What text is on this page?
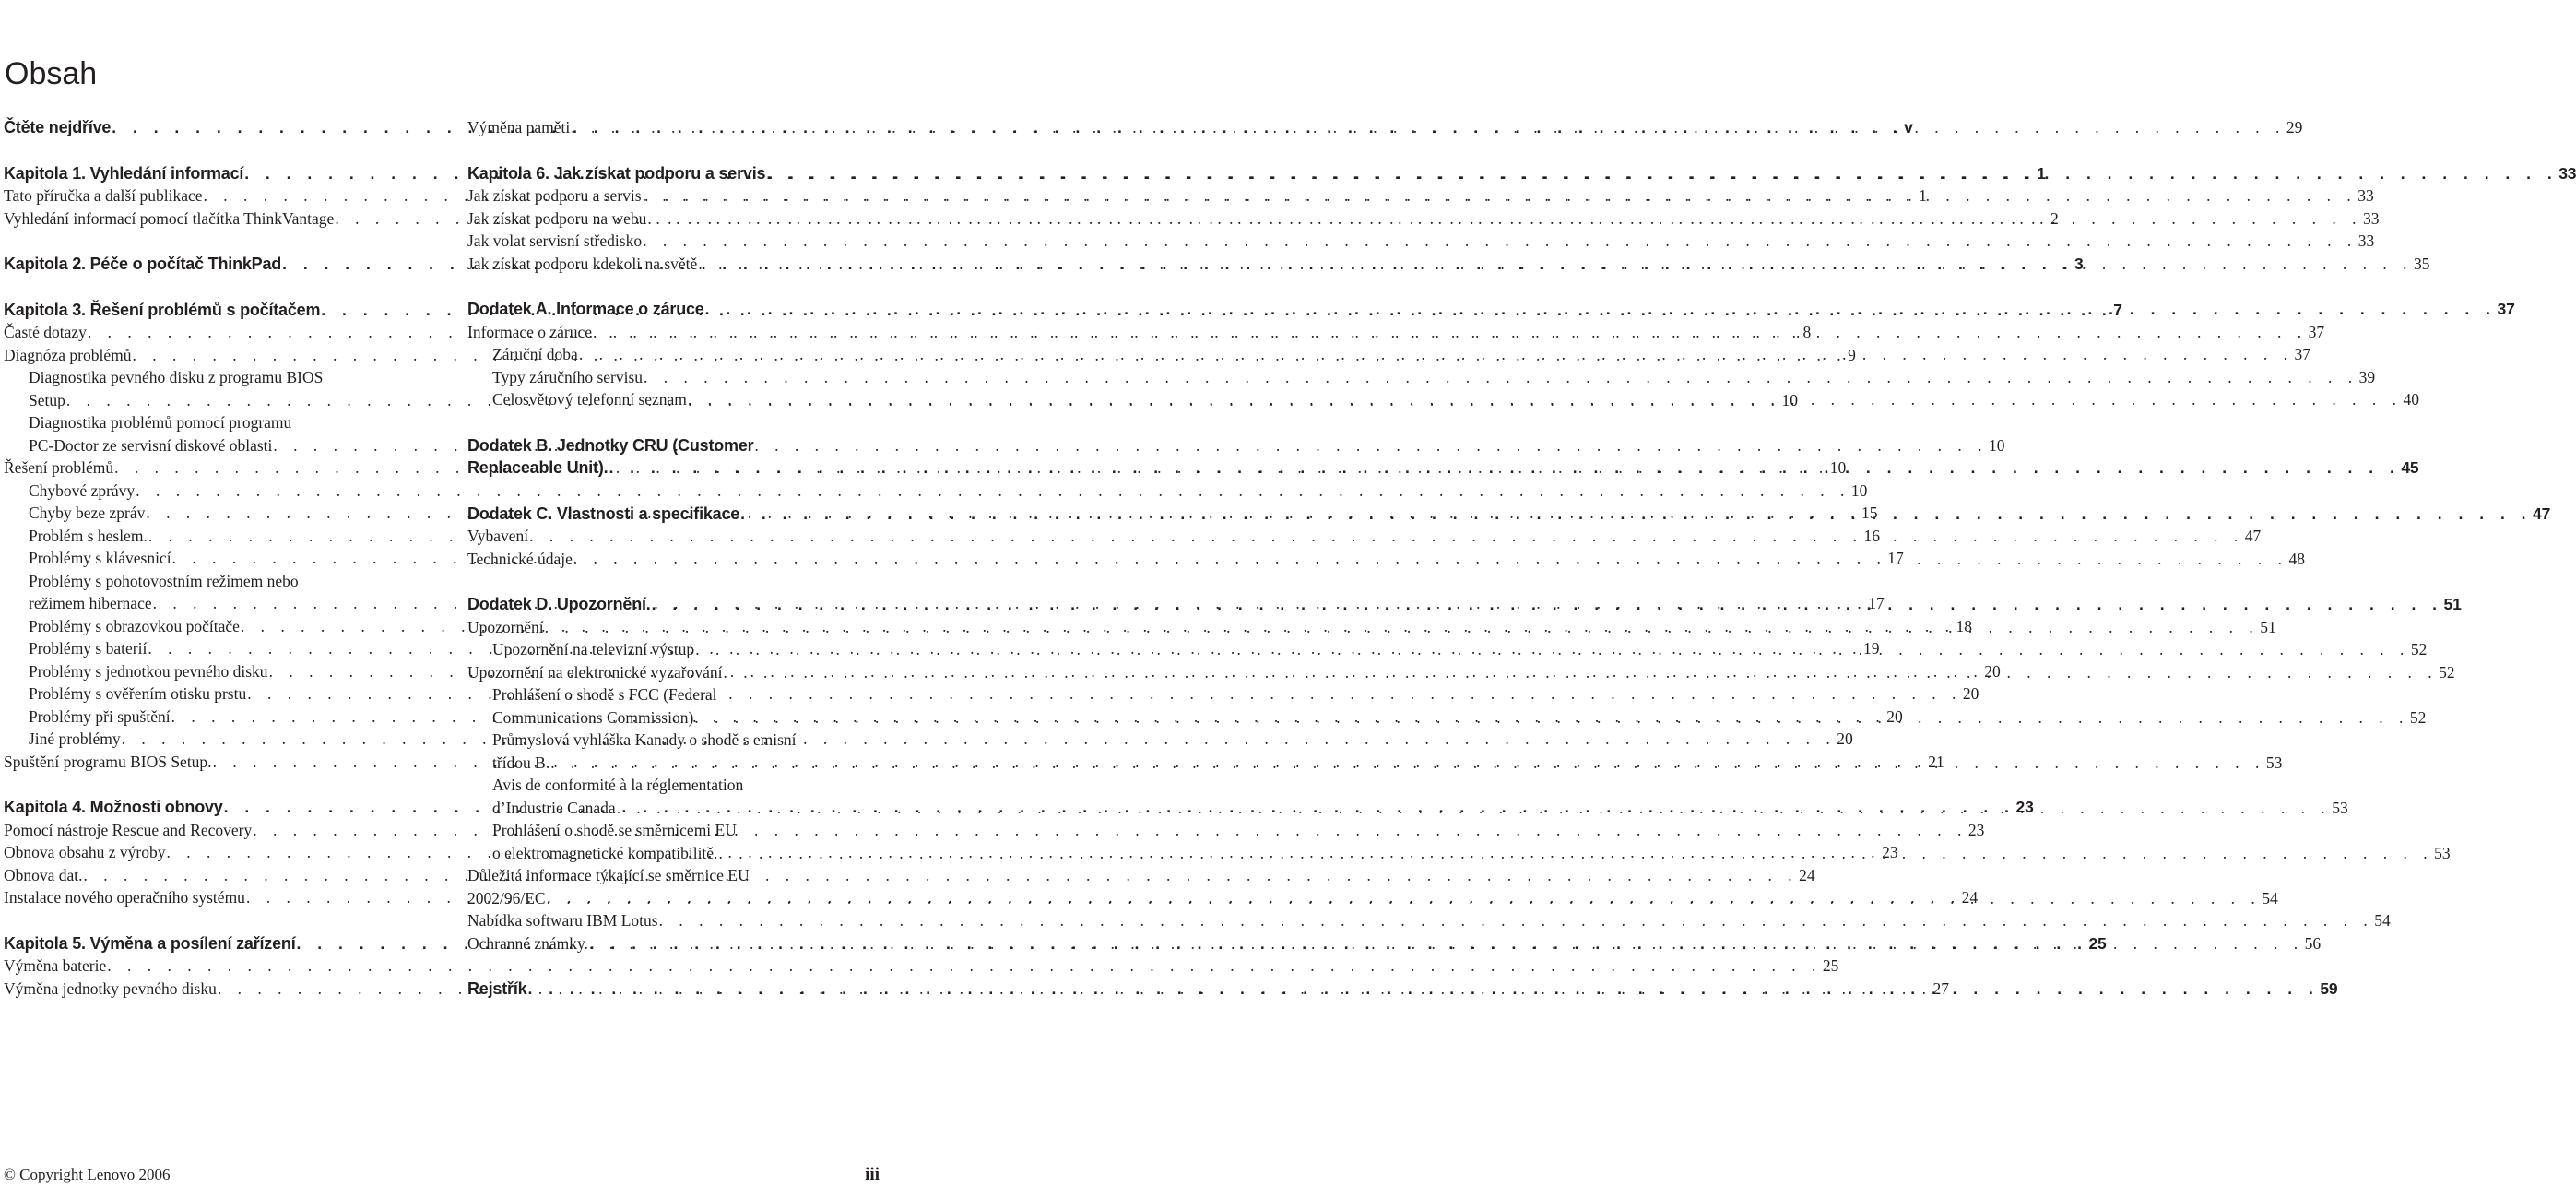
Obsah
Čtěte nejdříve . . .	v
Kapitola 1. Vyhledání informací . . .	1
Tato příručka a další publikace . . .	1
Vyhledání informací pomocí tlačítka ThinkVantage . . .	2
Kapitola 2. Péče o počítač ThinkPad . . .	3
Kapitola 3. Řešení problémů s počítačem . . .	7
Časté dotazy . . .	8
Diagnóza problémů . . .	9
Diagnostika pevného disku z programu BIOS
Setup . . .	10
Diagnostika problémů pomocí programu
PC-Doctor ze servisní diskové oblasti . . .	10
Řešení problémů . . .	10
Chybové zprávy . . .	10
Chyby beze zpráv . . .	15
Problém s heslem. . . .	16
Problémy s klávesnicí . . .	17
Problémy s pohotovostním režimem nebo
režimem hibernace . . .	17
Problémy s obrazovkou počítače . . .	18
Problémy s baterií . . .	19
Problémy s jednotkou pevného disku . . .	20
Problémy s ověřením otisku prstu . . .	20
Problémy při spuštění . . .	20
Jiné problémy . . .	20
Spuštění programu BIOS Setup. . . .	21
Kapitola 4. Možnosti obnovy . . .	23
Pomocí nástroje Rescue and Recovery . . .	23
Obnova obsahu z výroby . . .	23
Obnova dat. . . .	24
Instalace nového operačního systému . . .	24
Kapitola 5. Výměna a posílení zařízení . . .	25
Výměna baterie . . .	25
Výměna jednotky pevného disku . . .	27
Výměna paměti . . .	29
Kapitola 6. Jak získat podporu a servis . . .	33
Jak získat podporu a servis . . .	33
Jak získat podporu na webu . . .	33
Jak volat servisní středisko . . .	33
Jak získat podporu kdekoli na světě . . .	35
Dodatek A. Informace o záruce . . .	37
Informace o záruce . . .	37
Záruční doba . . .	37
Typy záručního servisu . . .	39
Celosvětový telefonní seznam . . .	40
Dodatek B. Jednotky CRU (Customer
Replaceable Unit). . . .	45
Dodatek C. Vlastnosti a specifikace . . .	47
Vybavení . . .	47
Technické údaje . . .	48
Dodatek D. Upozornění. . . .	51
Upozornění . . .	51
Upozornění na televizní výstup . . .	52
Upozornění na elektronické vyzařování . . .	52
Prohlášení o shodě s FCC (Federal
Communications Commission) . . .	52
Průmyslová vyhláška Kanady o shodě s emisní
třídou B. . . .	53
Avis de conformité à la réglementation
d’Industrie Canada . . .	53
Prohlášení o shodě se směrnicemi EU
o elektromagnetické kompatibilitě. . . .	53
Důležitá informace týkající se směrnice EU
2002/96/EC . . .	54
Nabídka softwaru IBM Lotus . . .	54
Ochranné známky. . . .	56
Rejstřík . . .	59
© Copyright Lenovo 2006	iii
